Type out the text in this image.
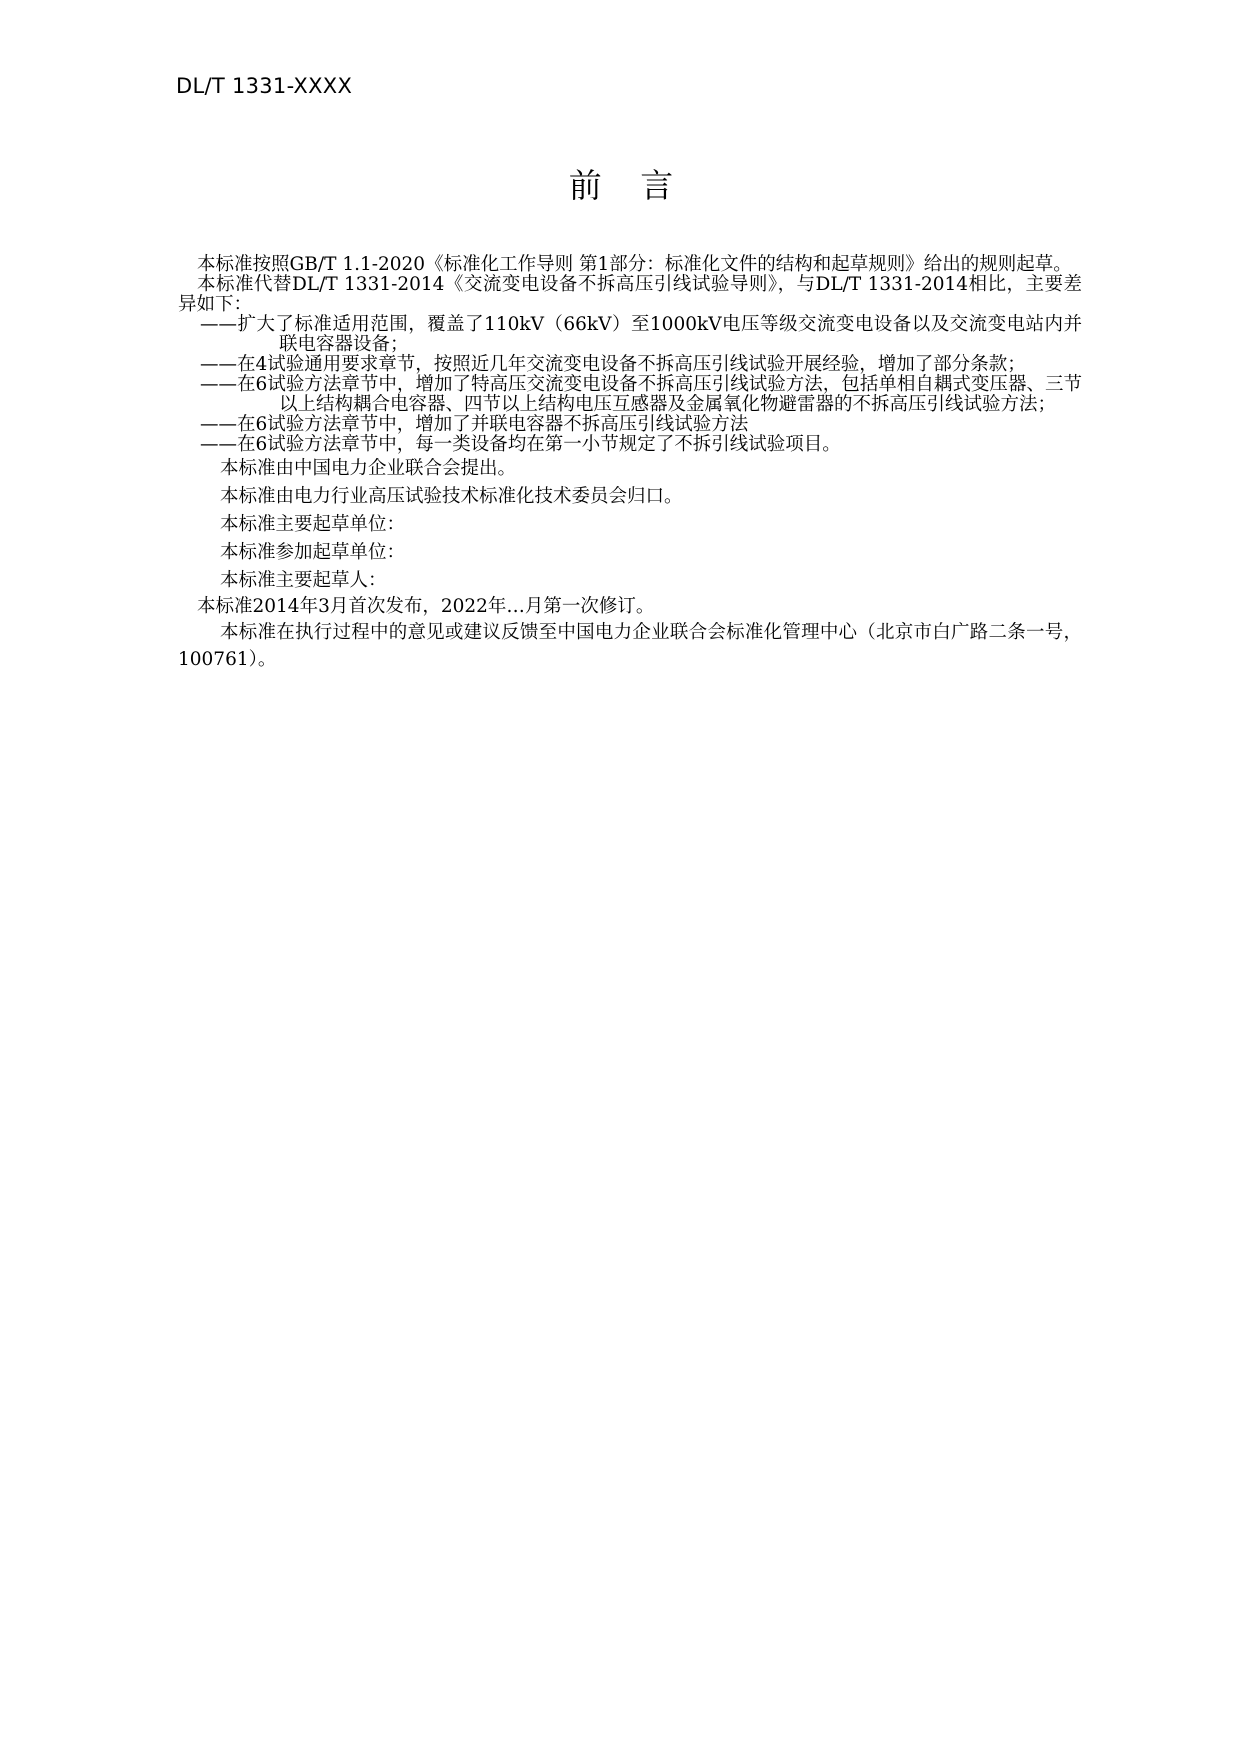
DL/T 1331-XXXX
前 言

本标准按照GB/T 1.1-2020《标准化工作导则 第1部分：标准化文件的结构和起草规则》给出的规则起草。

本标准代替DL/T 1331-2014《交流变电设备不拆高压引线试验导则》，与DL/T 1331-2014相比，主要差异如下：

——扩大了标准适用范围，覆盖了110kV（66kV）至1000kV电压等级交流变电设备以及交流变电站内并联电容器设备；

——在4试验通用要求章节，按照近几年交流变电设备不拆高压引线试验开展经验，增加了部分条款；

——在6试验方法章节中，增加了特高压交流变电设备不拆高压引线试验方法，包括单相自耦式变压器、三节以上结构耦合电容器、四节以上结构电压互感器及金属氧化物避雷器的不拆高压引线试验方法；

——在6试验方法章节中，增加了并联电容器不拆高压引线试验方法

——在6试验方法章节中，每一类设备均在第一小节规定了不拆引线试验项目。

本标准由中国电力企业联合会提出。

本标准由电力行业高压试验技术标准化技术委员会归口。

本标准主要起草单位：

本标准参加起草单位：

本标准主要起草人：

本标准2014年3月首次发布，2022年…月第一次修订。

本标准在执行过程中的意见或建议反馈至中国电力企业联合会标准化管理中心（北京市白广路二条一号，100761）。
